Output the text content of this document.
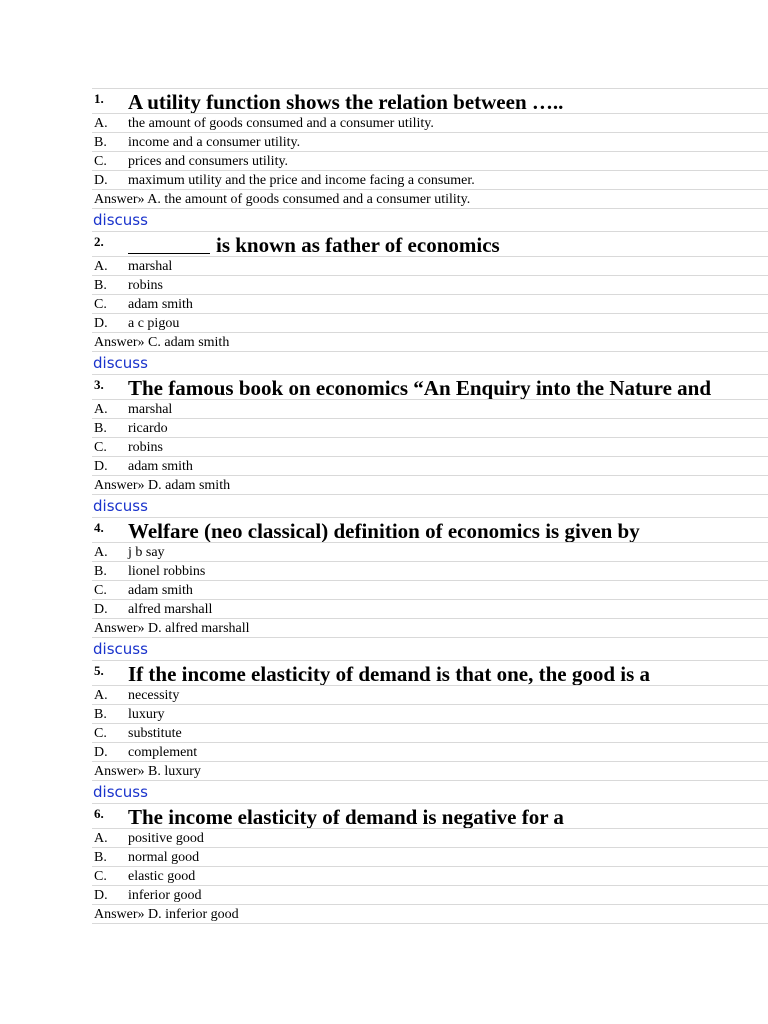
1.	A utility function shows the relation between …..
A.	the amount of goods consumed and a consumer utility.
B.	income and a consumer utility.
C.	prices and consumers utility.
D.	maximum utility and the price and income facing a consumer.
Answer» A. the amount of goods consumed and a consumer utility.
discuss
2.	is known as father of economics
A.	marshal
B.	robins
C.	adam smith
D.	a c pigou
Answer» C. adam smith
discuss
3.	The famous book on economics “An Enquiry into the Nature and
A.	marshal
B.	ricardo
C.	robins
D.	adam smith
Answer» D. adam smith
discuss
4.	Welfare (neo classical) definition of economics is given by
A.	j b say
B.	lionel robbins
C.	adam smith
D.	alfred marshall
Answer» D. alfred marshall
discuss
5.	If the income elasticity of demand is that one, the good is a
A.	necessity
B.	luxury
C.	substitute
D.	complement
Answer» B. luxury
discuss
6.	The income elasticity of demand is negative for a
A.	positive good
B.	normal good
C.	elastic good
D.	inferior good
Answer» D. inferior good
